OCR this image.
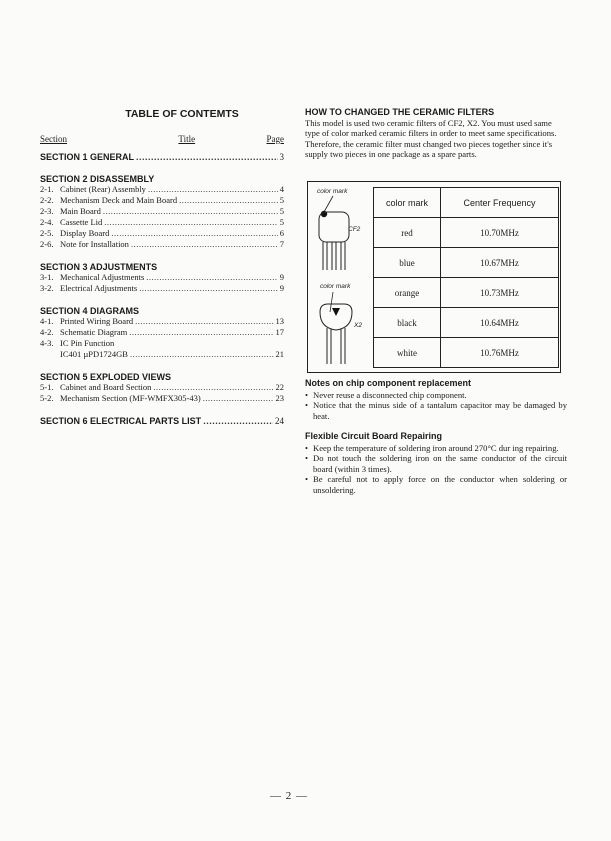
TABLE OF CONTEMTS
Section	Title	Page
SECTION 1 GENERAL .....	3
SECTION 2 DISASSEMBLY
2-1. Cabinet (Rear) Assembly .....	4
2-2. Mechanism Deck and Main Board .....	5
2-3. Main Board .....	5
2-4. Cassette Lid .....	5
2-5. Display Board .....	6
2-6. Note for Installation .....	7
SECTION 3 ADJUSTMENTS
3-1. Mechanical Adjustments .....	9
3-2. Electrical Adjustments .....	9
SECTION 4 DIAGRAMS
4-1. Printed Wiring Board .....	13
4-2. Schematic Diagram .....	17
4-3. IC Pin Function
IC401 µPD1724GB .....	21
SECTION 5 EXPLODED VIEWS
5-1. Cabinet and Board Section .....	22
5-2. Mechanism Section (MF-WMFX305-43) .....	23
SECTION 6 ELECTRICAL PARTS LIST .....	24
HOW TO CHANGED THE CERAMIC FILTERS

This model is used two ceramic filters of CF2, X2. You must used same type of color marked ceramic filters in order to meet same specifications.

Therefore, the ceramic filter must changed two pieces together since it's supply two pieces in one package as a spare parts.

color mark
CF2
color mark
X2
color mark	Center Frequency
red	10.70MHz
blue	10.67MHz
orange	10.73MHz
black	10.64MHz
white	10.76MHz
Notes on chip component replacement
• Never reuse a disconnected chip component.
• Notice that the minus side of a tantalum capacitor may be damaged by heat.
Flexible Circuit Board Repairing
• Keep the temperature of soldering iron around 270°C dur ing repairing.
• Do not touch the soldering iron on the same conductor of the circuit board (within 3 times).
• Be careful not to apply force on the conductor when soldering or unsoldering.
— 2 —
